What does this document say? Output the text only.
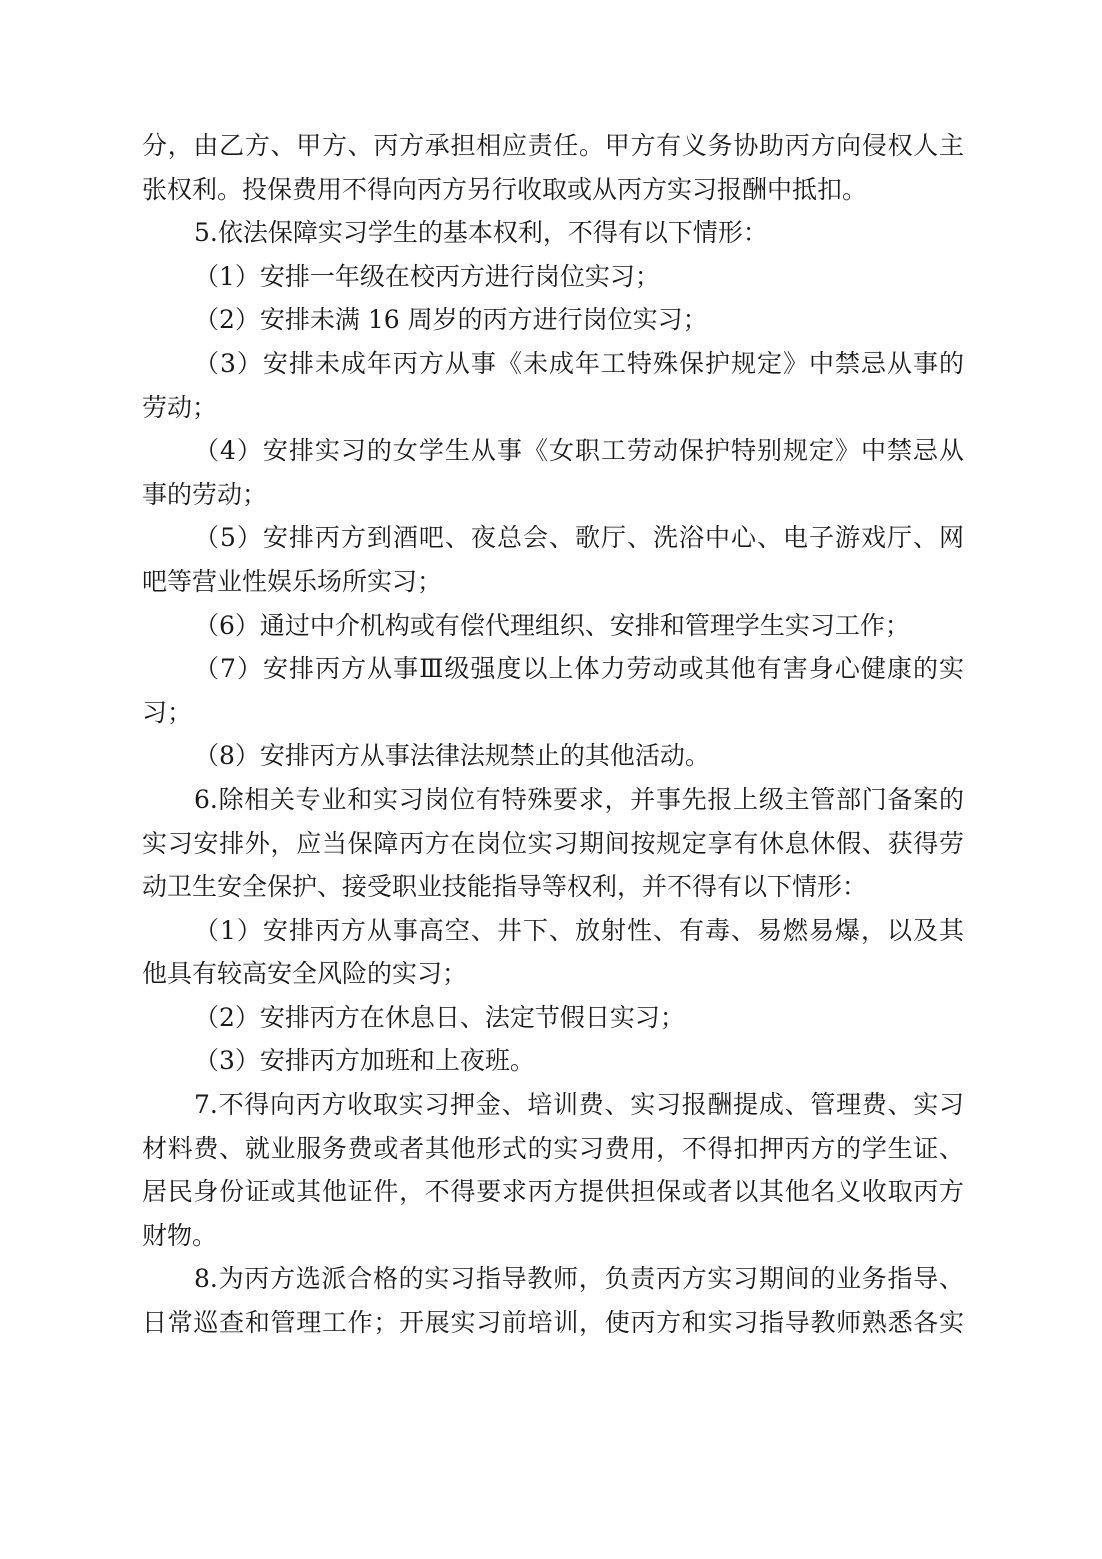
分，由乙方、甲方、丙方承担相应责任。甲方有义务协助丙方向侵权人主
张权利。投保费用不得向丙方另行收取或从丙方实习报酬中抵扣。
5.依法保障实习学生的基本权利，不得有以下情形：
（1）安排一年级在校丙方进行岗位实习；
（2）安排未满 16 周岁的丙方进行岗位实习；
（3）安排未成年丙方从事《未成年工特殊保护规定》中禁忌从事的
劳动；
（4）安排实习的女学生从事《女职工劳动保护特别规定》中禁忌从
事的劳动；
（5）安排丙方到酒吧、夜总会、歌厅、洗浴中心、电子游戏厅、网
吧等营业性娱乐场所实习；
（6）通过中介机构或有偿代理组织、安排和管理学生实习工作；
（7）安排丙方从事Ⅲ级强度以上体力劳动或其他有害身心健康的实
习；
（8）安排丙方从事法律法规禁止的其他活动。
6.除相关专业和实习岗位有特殊要求，并事先报上级主管部门备案的
实习安排外，应当保障丙方在岗位实习期间按规定享有休息休假、获得劳
动卫生安全保护、接受职业技能指导等权利，并不得有以下情形：
（1）安排丙方从事高空、井下、放射性、有毒、易燃易爆，以及其
他具有较高安全风险的实习；
（2）安排丙方在休息日、法定节假日实习；
（3）安排丙方加班和上夜班。
7.不得向丙方收取实习押金、培训费、实习报酬提成、管理费、实习
材料费、就业服务费或者其他形式的实习费用，不得扣押丙方的学生证、
居民身份证或其他证件，不得要求丙方提供担保或者以其他名义收取丙方
财物。
8.为丙方选派合格的实习指导教师，负责丙方实习期间的业务指导、
日常巡查和管理工作；开展实习前培训，使丙方和实习指导教师熟悉各实
